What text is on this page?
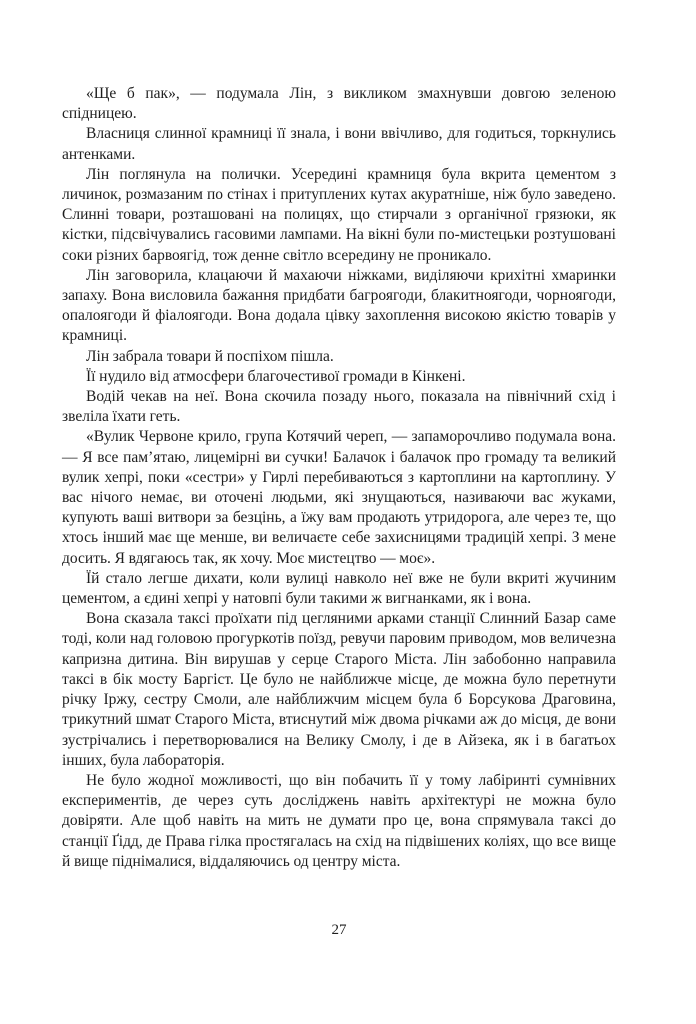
«Ще б пак», — подумала Лін, з викликом змахнувши довгою зеленою спідницею.

Власниця слинної крамниці її знала, і вони ввічливо, для годиться, торкнулись антенками.

Лін поглянула на полички. Усередині крамниця була вкрита цементом з личинок, розмазаним по стінах і притуплених кутах акуратніше, ніж було заведено. Слинні товари, розташовані на полицях, що стирчали з органічної грязюки, як кістки, підсвічувались гасовими лампами. На вікні були по-мистецьки розтушовані соки різних барвоягід, тож денне світло всередину не проникало.

Лін заговорила, клацаючи й махаючи ніжками, виділяючи крихітні хмаринки запаху. Вона висловила бажання придбати багроягоди, блакитноягоди, чорноягоди, опалоягоди й фіалоягоди. Вона додала цівку захоплення високою якістю товарів у крамниці.

Лін забрала товари й поспіхом пішла.

Її нудило від атмосфери благочестивої громади в Кінкені.

Водій чекав на неї. Вона скочила позаду нього, показала на північний схід і звеліла їхати геть.

«Вулик Червоне крило, група Котячий череп, — запаморочливо подумала вона. — Я все пам’ятаю, лицемірні ви сучки! Балачок і балачок про громаду та великий вулик хепрі, поки «сестри» у Гирлі перебиваються з картоплини на картоплину. У вас нічого немає, ви оточені людьми, які знущаються, називаючи вас жуками, купують ваші витвори за безцінь, а їжу вам продають утридорога, але через те, що хтось інший має ще менше, ви величаєте себе захисницями традицій хепрі. З мене досить. Я вдягаюсь так, як хочу. Моє мистецтво — моє».

Їй стало легше дихати, коли вулиці навколо неї вже не були вкриті жучиним цементом, а єдині хепрі у натовпі були такими ж вигнанками, як і вона.

Вона сказала таксі проїхати під цегляними арками станції Слинний Базар саме тоді, коли над головою прогуркотів поїзд, ревучи паровим приводом, мов величезна капризна дитина. Він вирушав у серце Старого Міста. Лін забобонно направила таксі в бік мосту Баргіст. Це було не найближче місце, де можна було перетнути річку Іржу, сестру Смоли, але найближчим місцем була б Борсукова Драговина, трикутний шмат Старого Міста, втиснутий між двома річками аж до місця, де вони зустрічались і перетворювалися на Велику Смолу, і де в Айзека, як і в багатьох інших, була лабораторія.

Не було жодної можливості, що він побачить її у тому лабіринті сумнівних експериментів, де через суть досліджень навіть архітектурі не можна було довіряти. Але щоб навіть на мить не думати про це, вона спрямувала таксі до станції Ґідд, де Права гілка простягалась на схід на підвішених коліях, що все вище й вище піднімалися, віддаляючись од центру міста.

27
